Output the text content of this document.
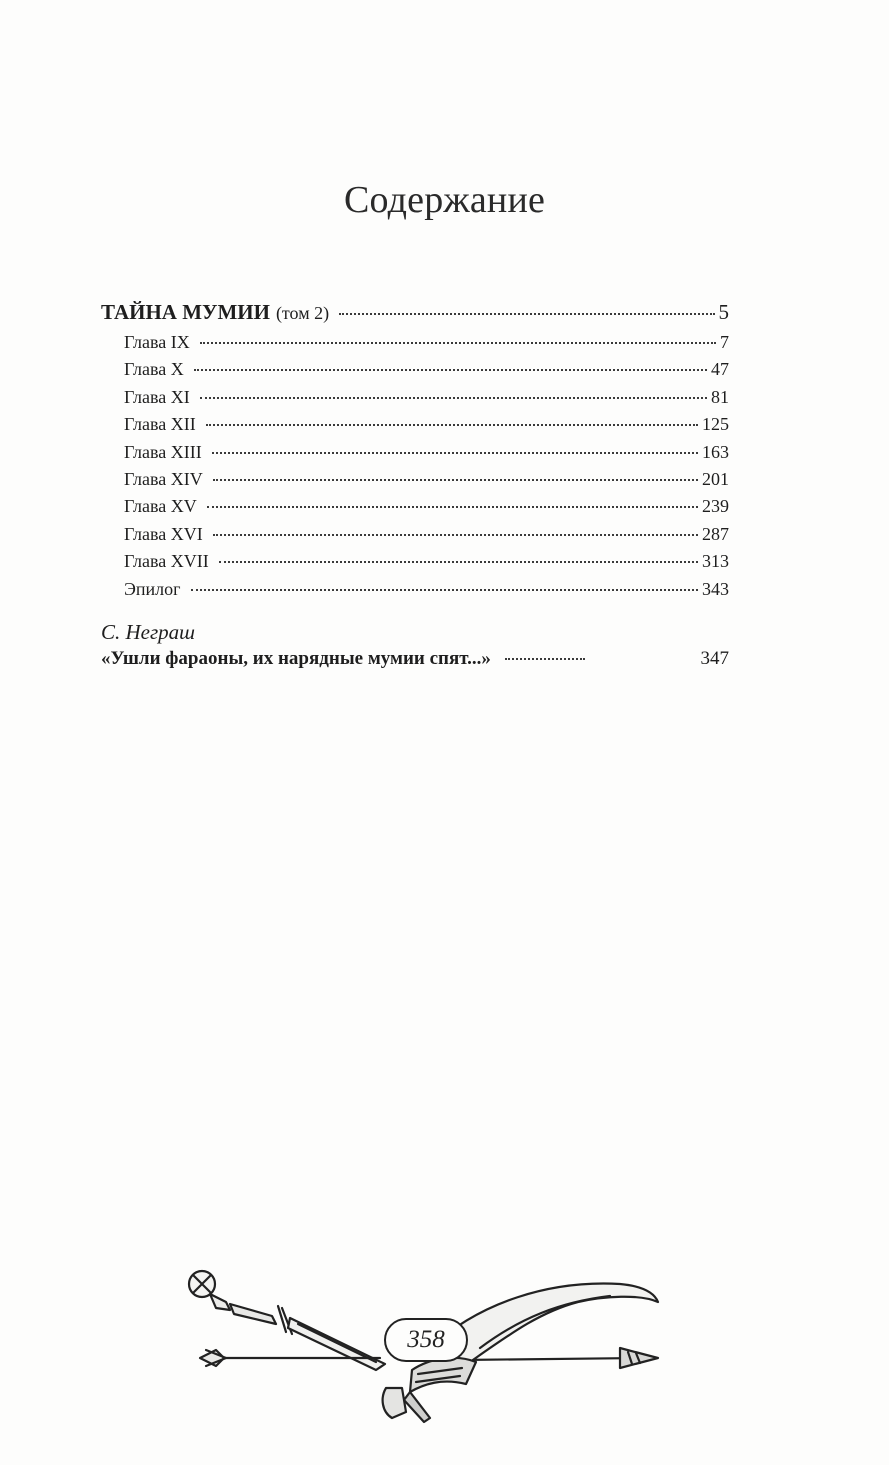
Содержание
ТАЙНА МУМИИ (том 2)	5
Глава IX	7
Глава X	47
Глава XI	81
Глава XII	125
Глава XIII	163
Глава XIV	201
Глава XV	239
Глава XVI	287
Глава XVII	313
Эпилог	343
С. Неграш
«Ушли фараоны, их нарядные мумии спят...»	347
358
